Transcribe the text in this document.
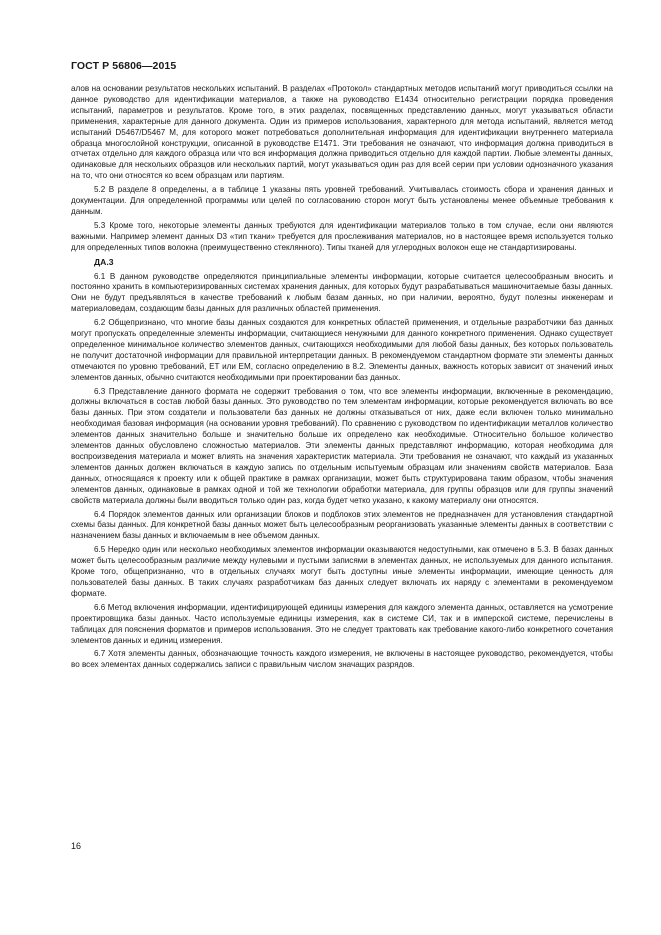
ГОСТ Р 56806—2015

алов на основании результатов нескольких испытаний. В разделах «Протокол» стандартных методов испытаний могут приводиться ссылки на данное руководство для идентификации материалов, а также на руководство E1434 относительно регистрации порядка проведения испытаний, параметров и результатов. Кроме того, в этих разделах, посвященных представлению данных, могут указываться области применения, характерные для данного документа. Один из примеров использования, характерного для метода испытаний, является метод испытаний D5467/D5467 M, для которого может потребоваться дополнительная информация для идентификации внутреннего материала образца многослойной конструкции, описанной в руководстве E1471. Эти требования не означают, что информация должна приводиться в отчетах отдельно для каждого образца или что вся информация должна приводиться отдельно для каждой партии. Любые элементы данных, одинаковые для нескольких образцов или нескольких партий, могут указываться один раз для всей серии при условии однозначного указания на то, что они относятся ко всем образцам или партиям.

5.2 В разделе 8 определены, а в таблице 1 указаны пять уровней требований. Учитывалась стоимость сбора и хранения данных и документации. Для определенной программы или целей по согласованию сторон могут быть установлены менее объемные требования к данным.

5.3 Кроме того, некоторые элементы данных требуются для идентификации материалов только в том случае, если они являются важными. Например элемент данных D3 «тип ткани» требуется для прослеживания материалов, но в настоящее время используется только для определенных типов волокна (преимущественно стеклянного). Типы тканей для углеродных волокон еще не стандартизированы.

ДА.3

6.1 В данном руководстве определяются принципиальные элементы информации, которые считается целесообразным вносить и постоянно хранить в компьютеризированных системах хранения данных, для которых будут разрабатываться машиночитаемые базы данных. Они не будут предъявляться в качестве требований к любым базам данных, но при наличии, вероятно, будут полезны инженерам и материаловедам, создающим базы данных для различных областей применения.

6.2 Общепризнано, что многие базы данных создаются для конкретных областей применения, и отдельные разработчики баз данных могут пропускать определенные элементы информации, считающиеся ненужными для данного конкретного применения. Однако существует определенное минимальное количество элементов данных, считающихся необходимыми для любой базы данных, без которых пользователь не получит достаточной информации для правильной интерпретации данных. В рекомендуемом стандартном формате эти элементы данных отмечаются по уровню требований, ЕТ или ЕМ, согласно определению в 8.2. Элементы данных, важность которых зависит от значений иных элементов данных, обычно считаются необходимыми при проектировании баз данных.

6.3 Представление данного формата не содержит требования о том, что все элементы информации, включенные в рекомендацию, должны включаться в состав любой базы данных. Это руководство по тем элементам информации, которые рекомендуется включать во все базы данных. При этом создатели и пользователи баз данных не должны отказываться от них, даже если включен только минимально необходимая базовая информация (на основании уровня требований). По сравнению с руководством по идентификации металлов количество элементов данных значительно больше и значительно больше их определено как необходимые. Относительно большое количество элементов данных обусловлено сложностью материалов. Эти элементы данных представляют информацию, которая необходима для воспроизведения материала и может влиять на значения характеристик материала. Эти требования не означают, что каждый из указанных элементов данных должен включаться в каждую запись по отдельным испытуемым образцам или значениям свойств материалов. База данных, относящаяся к проекту или к общей практике в рамках организации, может быть структурирована таким образом, чтобы значения элементов данных, одинаковые в рамках одной и той же технологии обработки материала, для группы образцов или для группы значений свойств материала должны были вводиться только один раз, когда будет четко указано, к какому материалу они относятся.

6.4 Порядок элементов данных или организации блоков и подблоков этих элементов не предназначен для установления стандартной схемы базы данных. Для конкретной базы данных может быть целесообразным реорганизовать указанные элементы данных в соответствии с назначением базы данных и включаемым в нее объемом данных.

6.5 Нередко один или несколько необходимых элементов информации оказываются недоступными, как отмечено в 5.3. В базах данных может быть целесообразным различие между нулевыми и пустыми записями в элементах данных, не используемых для данного испытания. Кроме того, общепризнанно, что в отдельных случаях могут быть доступны иные элементы информации, имеющие ценность для пользователей базы данных. В таких случаях разработчикам баз данных следует включать их наряду с элементами в рекомендуемом формате.

6.6 Метод включения информации, идентифицирующей единицы измерения для каждого элемента данных, оставляется на усмотрение проектировщика базы данных. Часто используемые единицы измерения, как в системе СИ, так и в имперской системе, перечислены в таблицах для пояснения форматов и примеров использования. Это не следует трактовать как требование какого-либо конкретного сочетания элементов данных и единиц измерения.

6.7 Хотя элементы данных, обозначающие точность каждого измерения, не включены в настоящее руководство, рекомендуется, чтобы во всех элементах данных содержались записи с правильным числом значащих разрядов.

16
